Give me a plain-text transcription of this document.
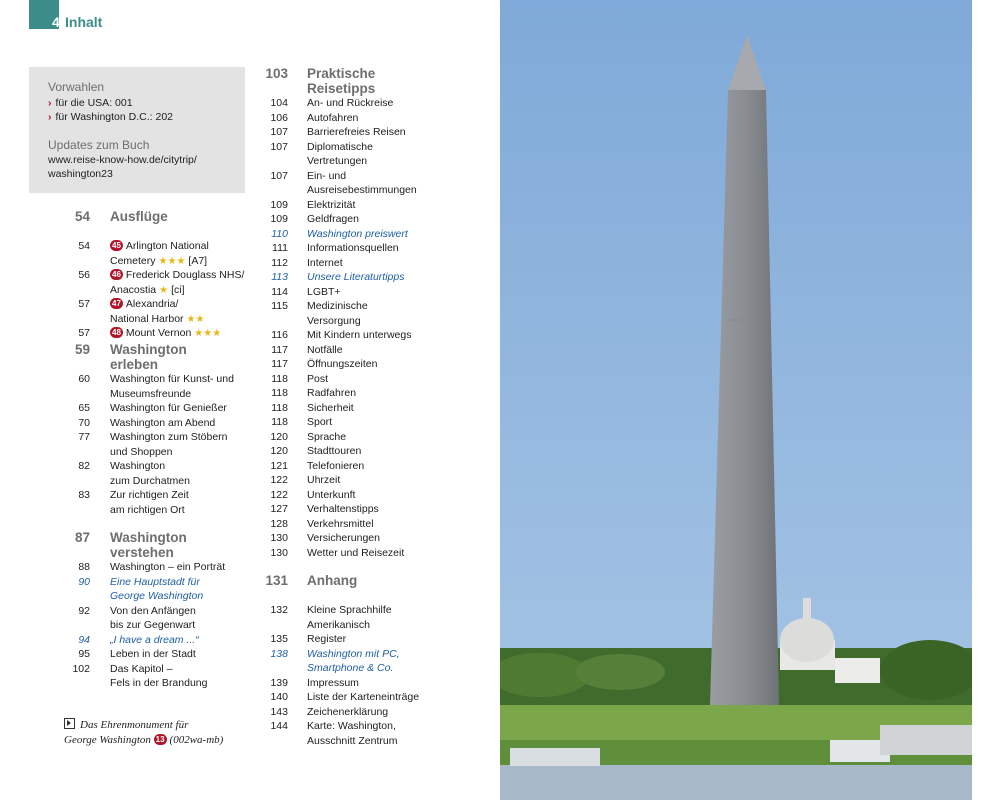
4 Inhalt
Vorwahlen
› für die USA: 001
› für Washington D.C.: 202
Updates zum Buch
www.reise-know-how.de/citytrip/
washington23
54 Ausflüge
54	45 Arlington National
Cemetery ★★★ [A7]
56	46 Frederick Douglass NHS/
Anacostia ★ [ci]
57	47 Alexandria/
National Harbor ★★
57	48 Mount Vernon ★★★
59 Washington erleben
60 Washington für Kunst- und
Museumsfreunde
65 Washington für Genießer
70 Washington am Abend
77 Washington zum Stöbern
und Shoppen
82 Washington
zum Durchatmen
83 Zur richtigen Zeit
am richtigen Ort
87 Washington verstehen
88 Washington – ein Porträt
90 Eine Hauptstadt für
George Washington
92 Von den Anfängen
bis zur Gegenwart
94 „I have a dream ...“
95 Leben in der Stadt
102 Das Kapitol –
Fels in der Brandung
103 Praktische Reisetipps
104 An- und Rückreise
106 Autofahren
107 Barrierefreies Reisen
107 Diplomatische
Vertretungen
107 Ein- und
Ausreisebestimmungen
109 Elektrizität
109 Geldfragen
110 Washington preiswert
111 Informationsquellen
112 Internet
113 Unsere Literaturtipps
114 LGBT+
115 Medizinische
Versorgung
116 Mit Kindern unterwegs
117 Notfälle
117 Öffnungszeiten
118 Post
118 Radfahren
118 Sicherheit
118 Sport
120 Sprache
120 Stadttouren
121 Telefonieren
122 Uhrzeit
122 Unterkunft
127 Verhaltenstipps
128 Verkehrsmittel
130 Versicherungen
130 Wetter und Reisezeit
131 Anhang
132 Kleine Sprachhilfe
Amerikanisch
135 Register
138 Washington mit PC,
Smartphone & Co.
139 Impressum
140 Liste der Karteneinträge
143 Zeichenerklärung
144 Karte: Washington,
Ausschnitt Zentrum
Das Ehrenmonument für
George Washington 13 (002wa-mb)
